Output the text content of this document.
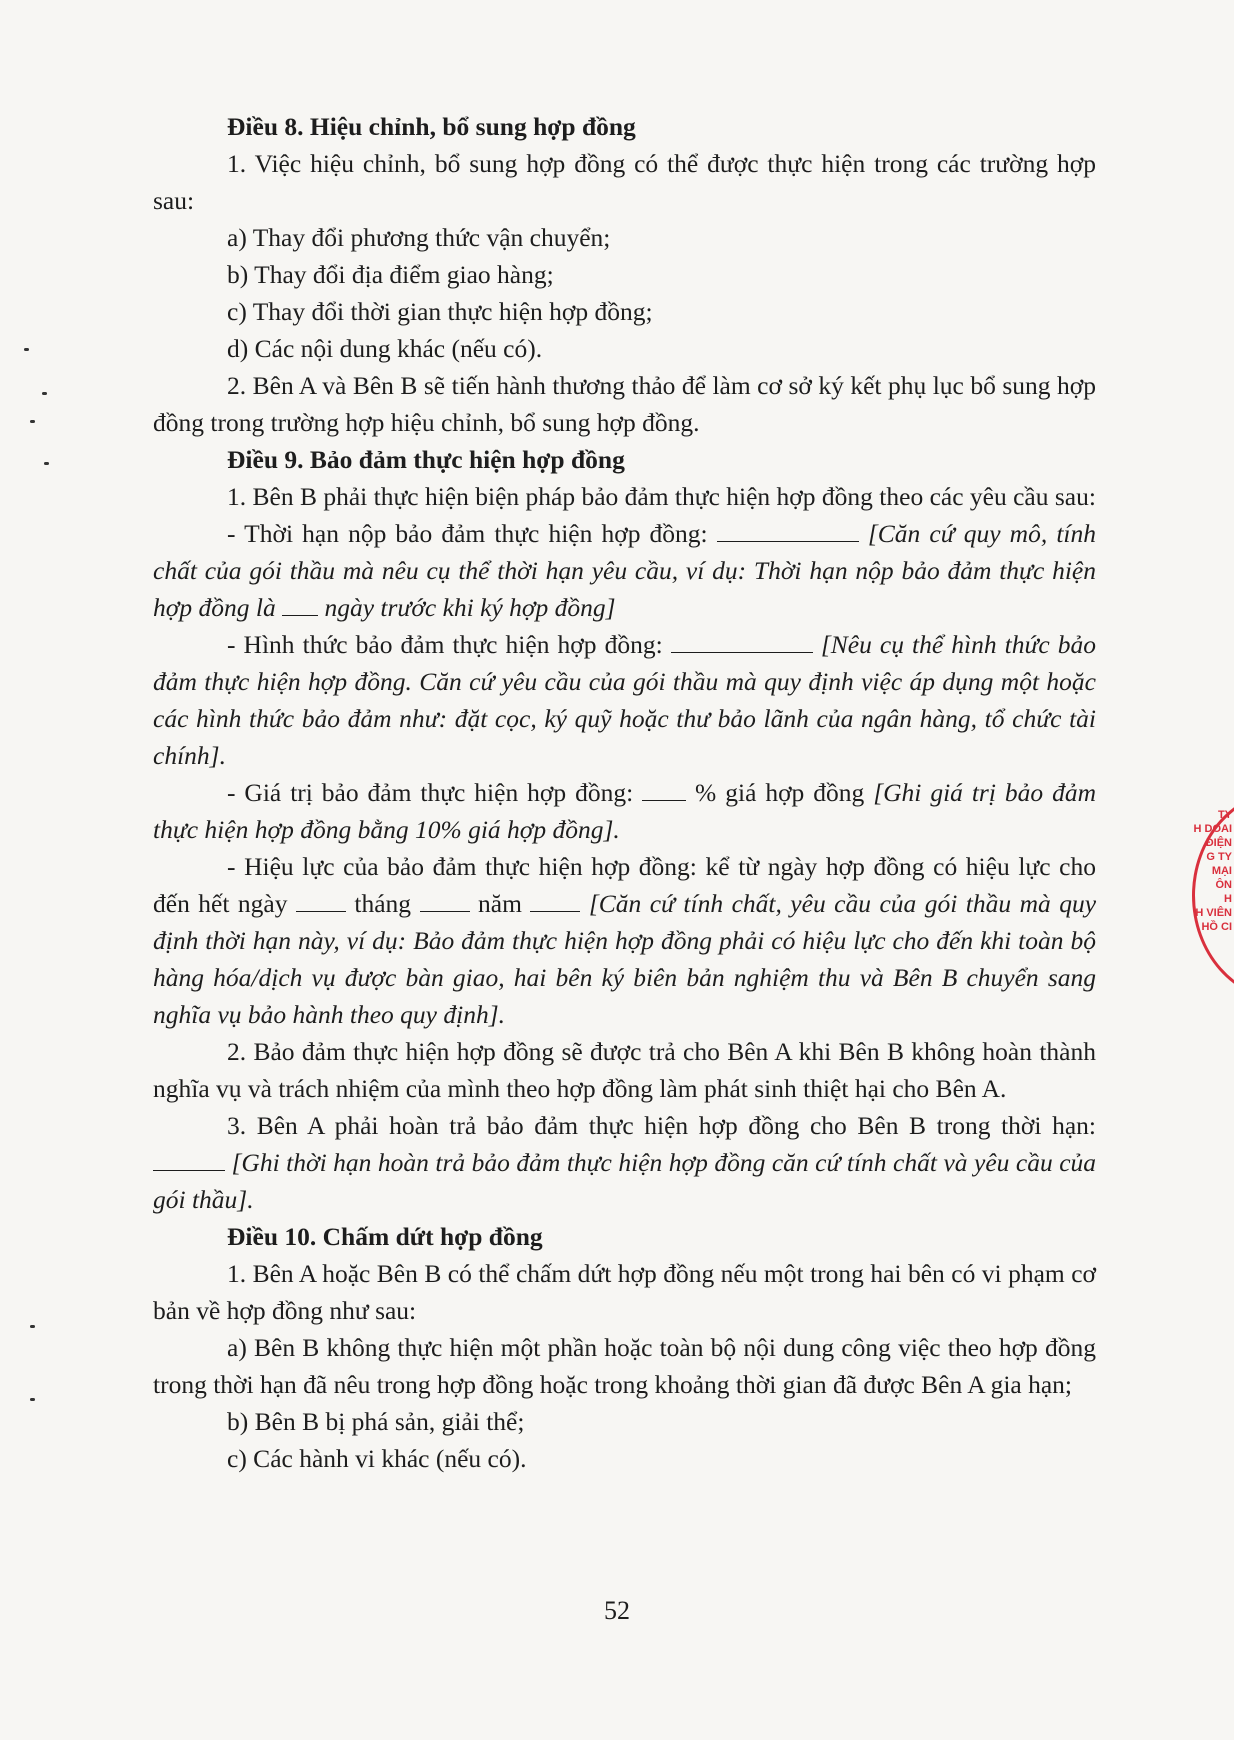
Điều 8. Hiệu chỉnh, bổ sung hợp đồng

1. Việc hiệu chỉnh, bổ sung hợp đồng có thể được thực hiện trong các trường hợp sau:

a) Thay đổi phương thức vận chuyển;

b) Thay đổi địa điểm giao hàng;

c) Thay đổi thời gian thực hiện hợp đồng;

d) Các nội dung khác (nếu có).

2. Bên A và Bên B sẽ tiến hành thương thảo để làm cơ sở ký kết phụ lục bổ sung hợp đồng trong trường hợp hiệu chỉnh, bổ sung hợp đồng.

Điều 9. Bảo đảm thực hiện hợp đồng

1. Bên B phải thực hiện biện pháp bảo đảm thực hiện hợp đồng theo các yêu cầu sau:

- Thời hạn nộp bảo đảm thực hiện hợp đồng:	[Căn cứ quy mô, tính chất của gói thầu mà nêu cụ thể thời hạn yêu cầu, ví dụ: Thời hạn nộp bảo đảm thực hiện hợp đồng là  ngày trước khi ký hợp đồng]

- Hình thức bảo đảm thực hiện hợp đồng:	[Nêu cụ thể hình thức bảo đảm thực hiện hợp đồng. Căn cứ yêu cầu của gói thầu mà quy định việc áp dụng một hoặc các hình thức bảo đảm như: đặt cọc, ký quỹ hoặc thư bảo lãnh của ngân hàng, tổ chức tài chính].

- Giá trị bảo đảm thực hiện hợp đồng:  % giá hợp đồng [Ghi giá trị bảo đảm thực hiện hợp đồng bằng 10% giá hợp đồng].

- Hiệu lực của bảo đảm thực hiện hợp đồng: kể từ ngày hợp đồng có hiệu lực cho đến hết ngày  tháng  năm  [Căn cứ tính chất, yêu cầu của gói thầu mà quy định thời hạn này, ví dụ: Bảo đảm thực hiện hợp đồng phải có hiệu lực cho đến khi toàn bộ hàng hóa/dịch vụ được bàn giao, hai bên ký biên bản nghiệm thu và Bên B chuyển sang nghĩa vụ bảo hành theo quy định].

2. Bảo đảm thực hiện hợp đồng sẽ được trả cho Bên A khi Bên B không hoàn thành nghĩa vụ và trách nhiệm của mình theo hợp đồng làm phát sinh thiệt hại cho Bên A.

3. Bên A phải hoàn trả bảo đảm thực hiện hợp đồng cho Bên B trong thời hạn:  [Ghi thời hạn hoàn trả bảo đảm thực hiện hợp đồng căn cứ tính chất và yêu cầu của gói thầu].

Điều 10. Chấm dứt hợp đồng

1. Bên A hoặc Bên B có thể chấm dứt hợp đồng nếu một trong hai bên có vi phạm cơ bản về hợp đồng như sau:

a) Bên B không thực hiện một phần hoặc toàn bộ nội dung công việc theo hợp đồng trong thời hạn đã nêu trong hợp đồng hoặc trong khoảng thời gian đã được Bên A gia hạn;

b) Bên B bị phá sản, giải thể;

c) Các hành vi khác (nếu có).

52
TY
H DOAI
ĐIỆN
G TY
MẠI
ÔN
H
H VIÊN
HỒ CI
